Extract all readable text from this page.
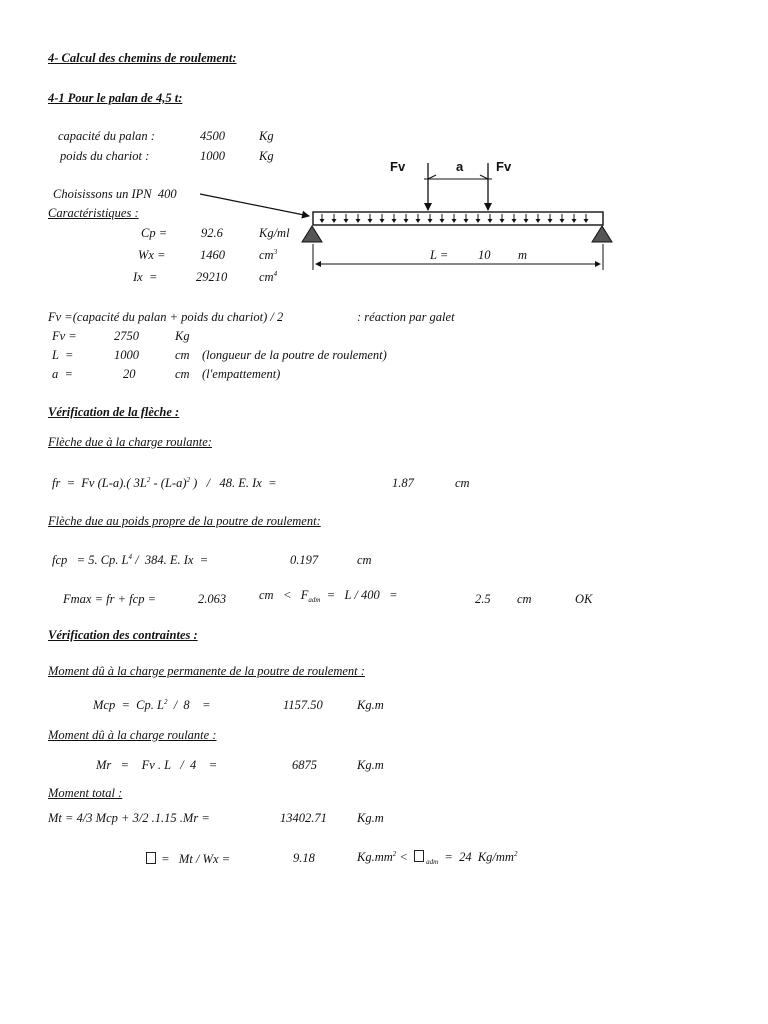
4- Calcul des chemins de roulement:
4-1 Pour le palan de 4,5 t:
capacité du palan :	4500	Kg
poids du chariot :	1000	Kg
Choisissons un IPN  400
Caractéristiques :
Cp =	92.6	Kg/ml
Wx =	1460	$cm^3$
Ix  =	29210	$cm^4$
Fv	a	Fv
L = 10 m
Fv =(capacité du palan + poids du chariot) / 2	: réaction par galet
Fv =	2750	Kg
L  =	1000	cm (longueur de la poutre de roulement)
a  =	20	cm (l'empattement)
Vérification de la flèche :
Flèche due à la charge roulante:
fr  =  Fv (L-a).( $3L^2 - (L-a)^2$ )   /   48. E. Ix  =	1.87	cm
Flèche due au poids propre de la poutre de roulement:
fcp   = 5. Cp. $L^4 / 384$. E. Ix  =	0.197	cm
Fmax = fr + fcp =	2.063	cm   <   $F_{adm} = L / 400$   =	2.5 cm	OK
Vérification des contraintes :
Moment dû à la charge permanente de la poutre de roulement :
Mcp  =  Cp. $L^2 / 8$    =	1157.50	Kg.m
Moment dû à la charge roulante :
Mr   =    Fv . L   /  4    =	6875	Kg.m
Moment total :
Mt = 4/3 Mcp + 3/2 .1.15 .Mr =	13402.71 Kg.m
=   Mt / Wx =	9.18	$Kg.mm^2 < _{adm} = 24$  $Kg/mm^2$
